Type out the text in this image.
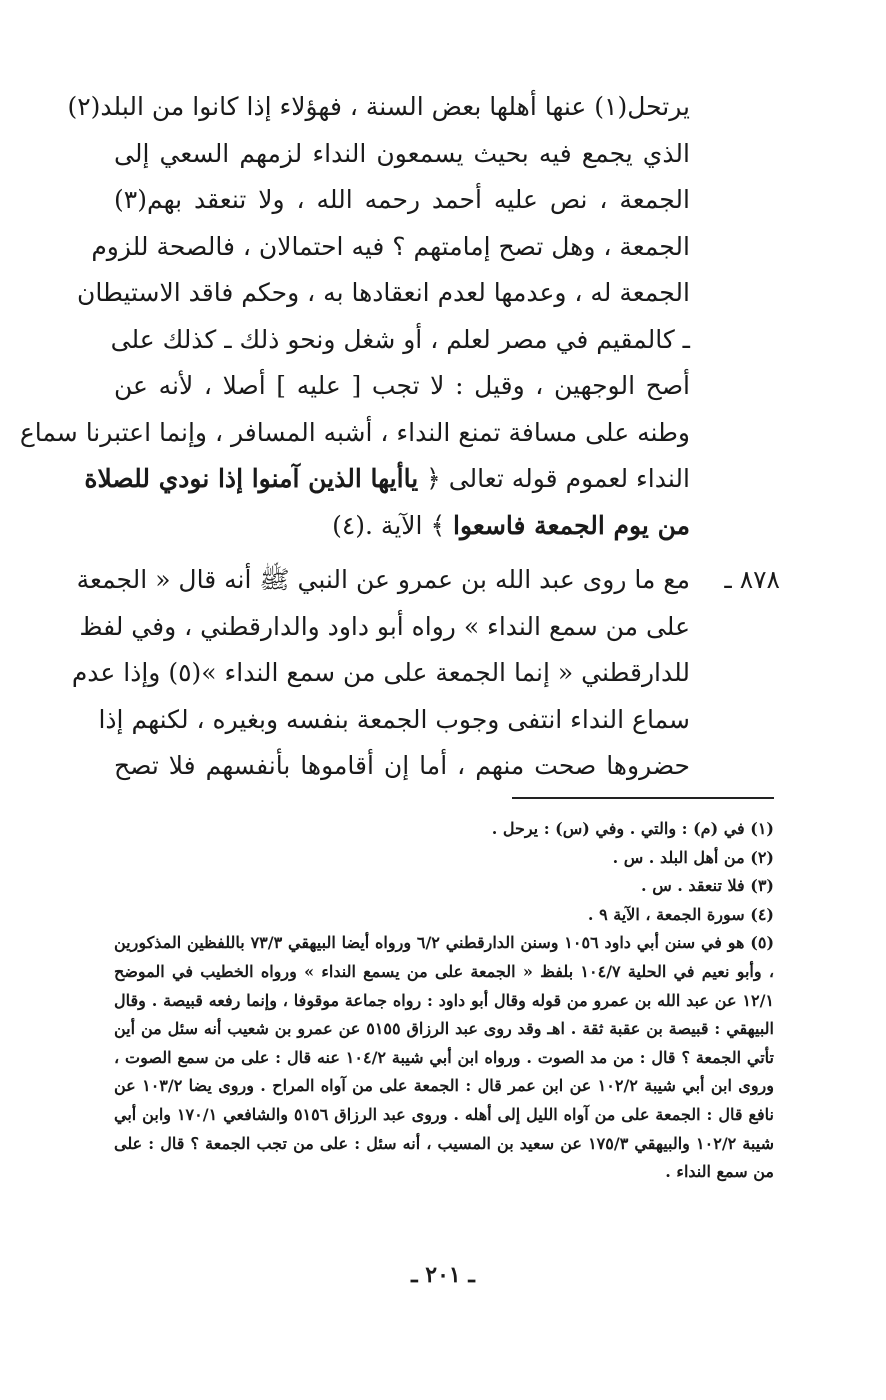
يرتحل(١) عنها أهلها بعض السنة ، فهؤلاء إذا كانوا من البلد(٢)
الذي يجمع فيه بحيث يسمعون النداء لزمهم السعي إلى
الجمعة ، نص عليه أحمد رحمه الله ، ولا تنعقد بهم(٣)
الجمعة ، وهل تصح إمامتهم ؟ فيه احتمالان ، فالصحة للزوم
الجمعة له ، وعدمها لعدم انعقادها به ، وحكم فاقد الاستيطان
ـ كالمقيم في مصر لعلم ، أو شغل ونحو ذلك ـ كذلك على
أصح الوجهين ، وقيل : لا تجب [ عليه ] أصلا ، لأنه عن
وطنه على مسافة تمنع النداء ، أشبه المسافر ، وإنما اعتبرنا سماع
النداء لعموم قوله تعالى ﴿ ياأيها الذين آمنوا إذا نودي للصلاة
من يوم الجمعة فاسعوا ﴾ الآية .(٤)

٨٧٨ ـ
مع ما روى عبد الله بن عمرو عن النبي ﷺ أنه قال « الجمعة
على من سمع النداء » رواه أبو داود والدارقطني ، وفي لفظ
للدارقطني « إنما الجمعة على من سمع النداء »(٥) وإذا عدم
سماع النداء انتفى وجوب الجمعة بنفسه وبغيره ، لكنهم إذا
حضروها صحت منهم ، أما إن أقاموها بأنفسهم فلا تصح

(١) في (م) : والتي . وفي (س) : يرحل .

(٢) من أهل البلد . س .

(٣) فلا تنعقد . س .

(٤) سورة الجمعة ، الآية ٩ .

(٥) هو في سنن أبي داود ١٠٥٦ وسنن الدارقطني ٦/٢ ورواه أيضا البيهقي ٧٣/٣ باللفظين المذكورين ، وأبو نعيم في الحلية ١٠٤/٧ بلفظ « الجمعة على من يسمع النداء » ورواه الخطيب في الموضح ١٢/١ عن عبد الله بن عمرو من قوله وقال أبو داود : رواه جماعة موقوفا ، وإنما رفعه قبيصة . وقال البيهقي : قبيصة بن عقبة ثقة . اهـ وقد روى عبد الرزاق ٥١٥٥ عن عمرو بن شعيب أنه سئل من أين تأتي الجمعة ؟ قال : من مد الصوت . ورواه ابن أبي شيبة ١٠٤/٢ عنه قال : على من سمع الصوت ، وروى ابن أبي شيبة ١٠٢/٢ عن ابن عمر قال : الجمعة على من آواه المراح . وروى يضا ١٠٣/٢ عن نافع قال : الجمعة على من آواه الليل إلى أهله . وروى عبد الرزاق ٥١٥٦ والشافعي ١٧٠/١ وابن أبي شيبة ١٠٢/٢ والبيهقي ١٧٥/٣ عن سعيد بن المسيب ، أنه سئل : على من تجب الجمعة ؟ قال : على من سمع النداء .

ـ ٢٠١ ـ
